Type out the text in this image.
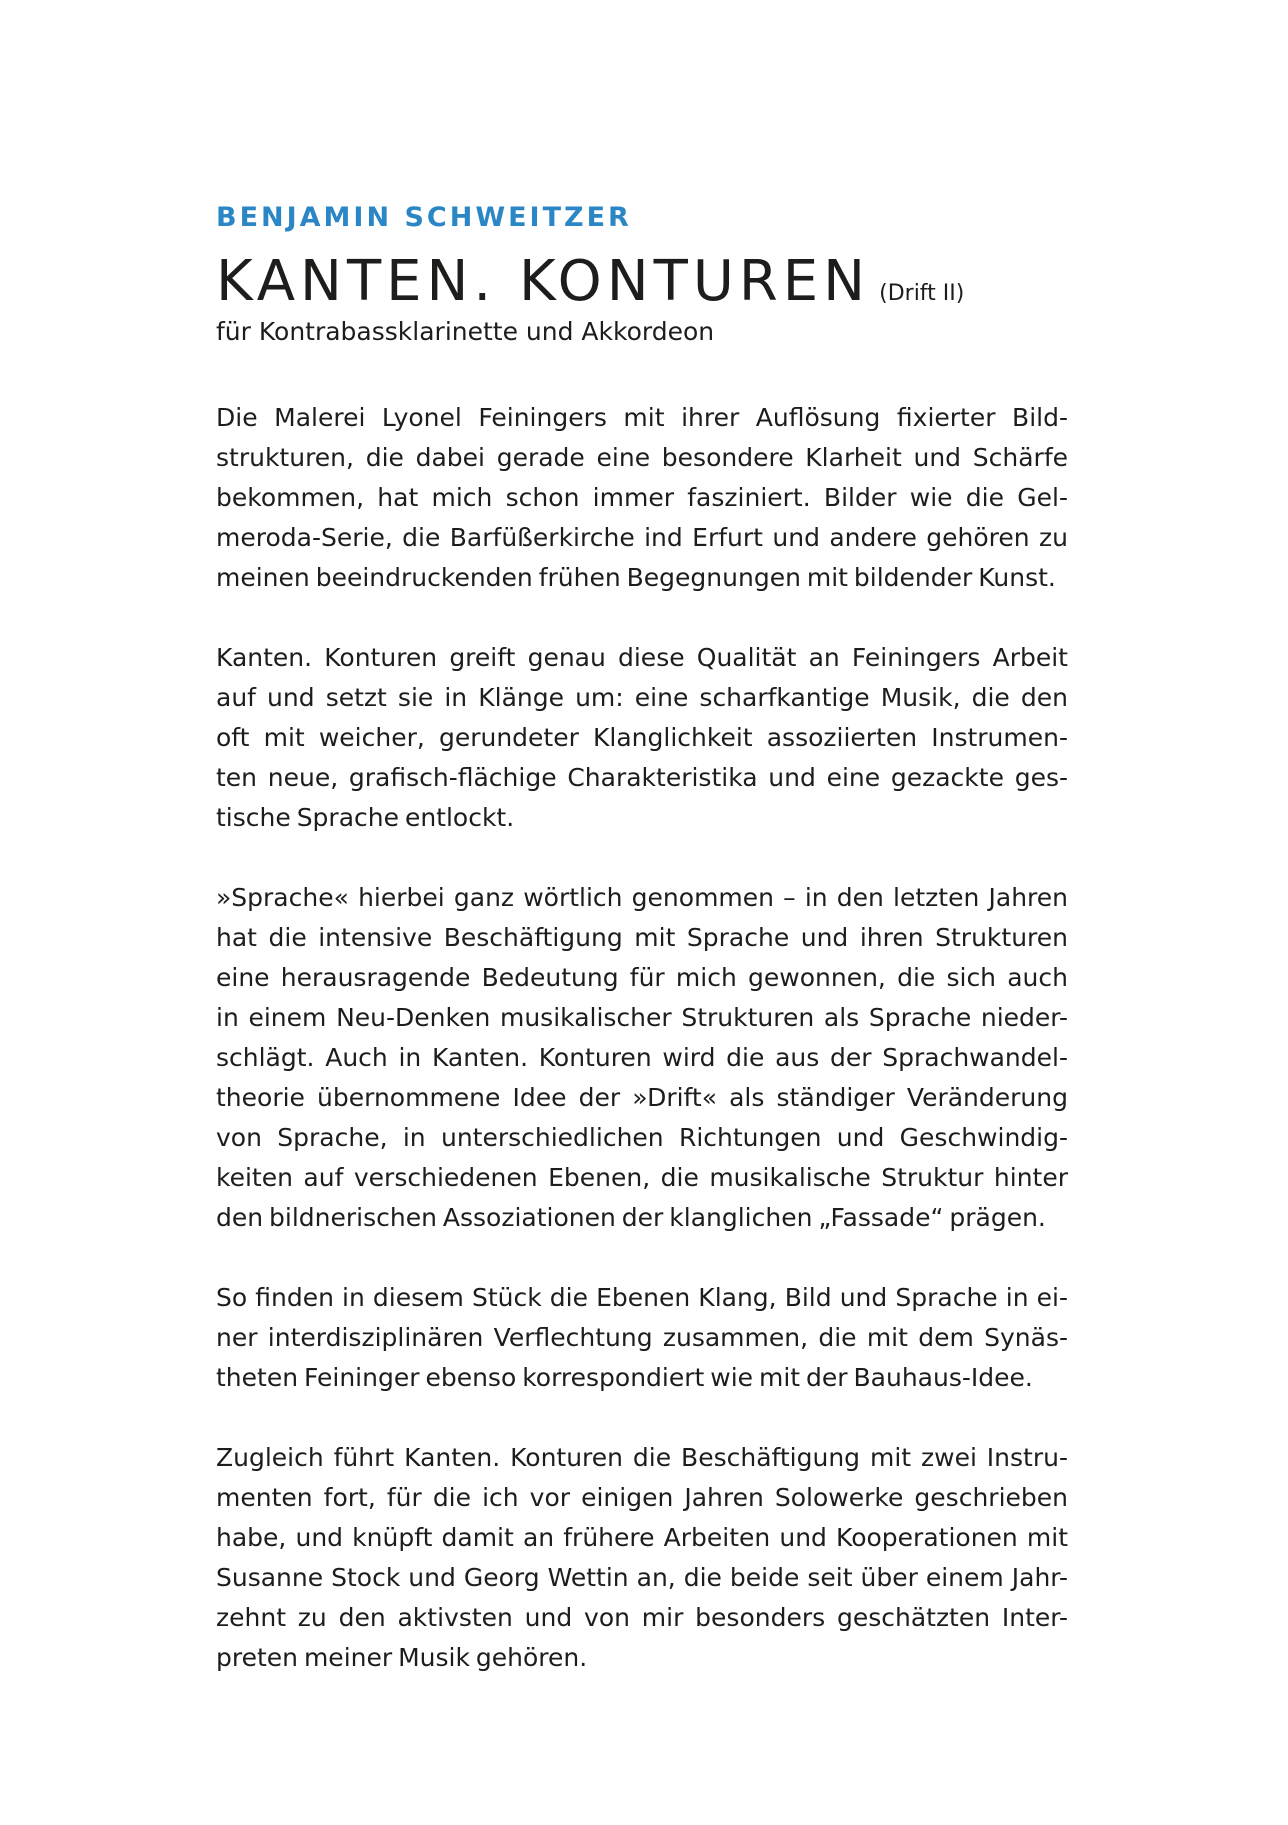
BENJAMIN SCHWEITZER
KANTEN. KONTUREN (Drift II)
für Kontrabassklarinette und Akkordeon
Die Malerei Lyonel Feiningers mit ihrer Auflösung fixierter Bild-
strukturen, die dabei gerade eine besondere Klarheit und Schärfe
bekommen, hat mich schon immer fasziniert. Bilder wie die Gel-
meroda-Serie, die Barfüßerkirche ind Erfurt und andere gehören zu
meinen beeindruckenden frühen Begegnungen mit bildender Kunst.
Kanten. Konturen greift genau diese Qualität an Feiningers Arbeit
auf und setzt sie in Klänge um: eine scharfkantige Musik, die den
oft mit weicher, gerundeter Klanglichkeit assoziierten Instrumen-
ten neue, grafisch-flächige Charakteristika und eine gezackte ges-
tische Sprache entlockt.
»Sprache« hierbei ganz wörtlich genommen – in den letzten Jahren
hat die intensive Beschäftigung mit Sprache und ihren Strukturen
eine herausragende Bedeutung für mich gewonnen, die sich auch
in einem Neu-Denken musikalischer Strukturen als Sprache nieder-
schlägt. Auch in Kanten. Konturen wird die aus der Sprachwandel-
theorie übernommene Idee der »Drift« als ständiger Veränderung
von Sprache, in unterschiedlichen Richtungen und Geschwindig-
keiten auf verschiedenen Ebenen, die musikalische Struktur hinter
den bildnerischen Assoziationen der klanglichen „Fassade“ prägen.
So finden in diesem Stück die Ebenen Klang, Bild und Sprache in ei-
ner interdisziplinären Verflechtung zusammen, die mit dem Synäs-
theten Feininger ebenso korrespondiert wie mit der Bauhaus-Idee.
Zugleich führt Kanten. Konturen die Beschäftigung mit zwei Instru-
menten fort, für die ich vor einigen Jahren Solowerke geschrieben
habe, und knüpft damit an frühere Arbeiten und Kooperationen mit
Susanne Stock und Georg Wettin an, die beide seit über einem Jahr-
zehnt zu den aktivsten und von mir besonders geschätzten Inter-
preten meiner Musik gehören.
